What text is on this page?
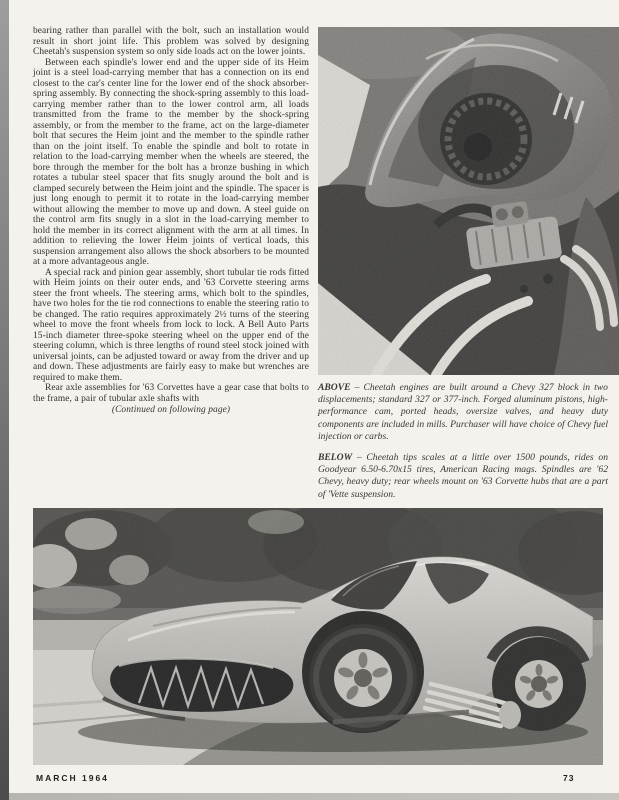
bearing rather than parallel with the bolt, such an installation would result in short joint life. This problem was solved by designing Cheetah's suspension system so only side loads act on the lower joints.

Between each spindle's lower end and the upper side of its Heim joint is a steel load-carrying member that has a connection on its end closest to the car's center line for the lower end of the shock absorber-spring assembly. By connecting the shock-spring assembly to this load-carrying member rather than to the lower control arm, all loads transmitted from the frame to the member by the shock-spring assembly, or from the member to the frame, act on the large-diameter bolt that secures the Heim joint and the member to the spindle rather than on the joint itself. To enable the spindle and bolt to rotate in relation to the load-carrying member when the wheels are steered, the bore through the member for the bolt has a bronze bushing in which rotates a tubular steel spacer that fits snugly around the bolt and is clamped securely between the Heim joint and the spindle. The spacer is just long enough to permit it to rotate in the load-carrying member without allowing the member to move up and down. A steel guide on the control arm fits snugly in a slot in the load-carrying member to hold the member in its correct alignment with the arm at all times. In addition to relieving the lower Heim joints of vertical loads, this suspension arrangement also allows the shock absorbers to be mounted at a more advantageous angle.

A special rack and pinion gear assembly, short tubular tie rods fitted with Heim joints on their outer ends, and '63 Corvette steering arms steer the front wheels. The steering arms, which bolt to the spindles, have two holes for the tie rod connections to enable the steering ratio to be changed. The ratio requires approximately 2½ turns of the steering wheel to move the front wheels from lock to lock. A Bell Auto Parts 15-inch diameter three-spoke steering wheel on the upper end of the steering column, which is three lengths of round steel stock joined with universal joints, can be adjusted toward or away from the driver and up and down. These adjustments are fairly easy to make but wrenches are required to make them.

Rear axle assemblies for '63 Corvettes have a gear case that bolts to the frame, a pair of tubular axle shafts with

(Continued on following page)

ABOVE – Cheetah engines are built around a Chevy 327 block in two displacements; standard 327 or 377-inch. Forged aluminum pistons, high-performance cam, ported heads, oversize valves, and heavy duty components are included in mills. Purchaser will have choice of Chevy fuel injection or carbs.

BELOW – Cheetah tips scales at a little over 1500 pounds, rides on Goodyear 6.50-6.70x15 tires, American Racing mags. Spindles are '62 Chevy, heavy duty; rear wheels mount on '63 Corvette hubs that are a part of 'Vette suspension.

MARCH 1964	73
